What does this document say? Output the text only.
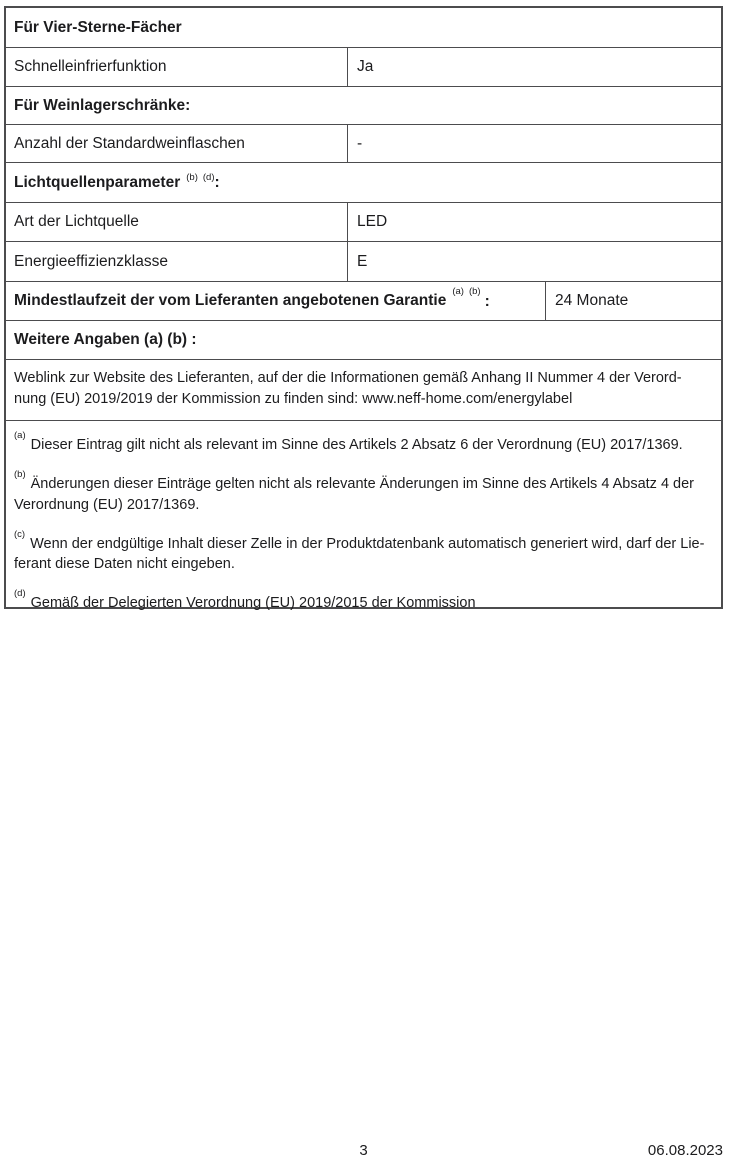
Für Vier-Sterne-Fächer
Schnelleinfrierfunktion	Ja
Für Weinlagerschränke:
Anzahl der Standardweinflaschen	-
Lichtquellenparameter $^{(b)}$ $^{(d)}$ :
Art der Lichtquelle	LED
Energieeffizienzklasse	E
Mindestlaufzeit der vom Lieferanten angebotenen Garantie$^{(a)}$ $^{(b)}$:	24 Monate
Weitere Angaben (a) (b) :
Weblink zur Website des Lieferanten, auf der die Informationen gemäß Anhang II Nummer 4 der Verord-
nung (EU) 2019/2019 der Kommission zu finden sind: www.neff-home.com/energylabel
$^{(a)}$Dieser Eintrag gilt nicht als relevant im Sinne des Artikels 2 Absatz 6 der Verordnung (EU) 2017/1369.
$^{(b)}$Änderungen dieser Einträge gelten nicht als relevante Änderungen im Sinne des Artikels 4 Absatz 4 der
Verordnung (EU) 2017/1369.
$^{(c)}$Wenn der endgültige Inhalt dieser Zelle in der Produktdatenbank automatisch generiert wird, darf der Lie-
ferant diese Daten nicht eingeben.
$^{(d)}$Gemäß der Delegierten Verordnung (EU) 2019/2015 der Kommission
3	06.08.2023
